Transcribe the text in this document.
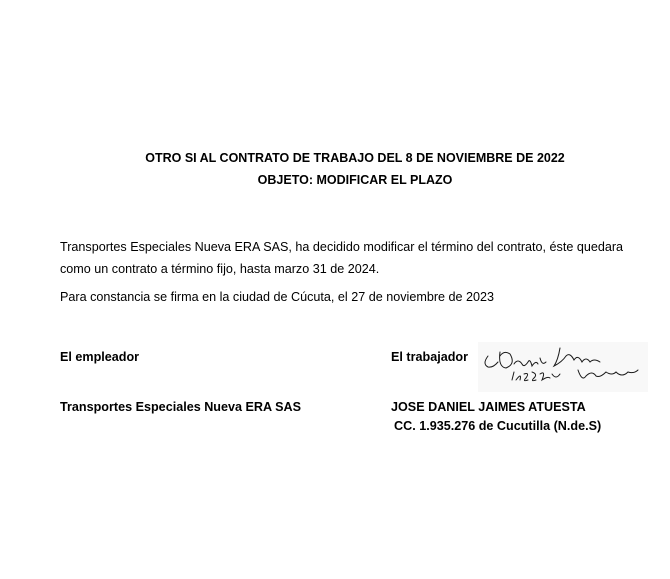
OTRO SI AL CONTRATO DE TRABAJO DEL 8 DE NOVIEMBRE DE 2022
OBJETO: MODIFICAR EL PLAZO
Transportes Especiales Nueva ERA SAS, ha decidido modificar el término del contrato, éste quedara
como un contrato a término fijo, hasta marzo 31 de 2024.
Para constancia se firma en la ciudad de Cúcuta, el 27 de noviembre de 2023
El empleador	El trabajador
Transportes Especiales Nueva ERA SAS	JOSE DANIEL JAIMES ATUESTA
CC. 1.935.276 de Cucutilla (N.de.S)
